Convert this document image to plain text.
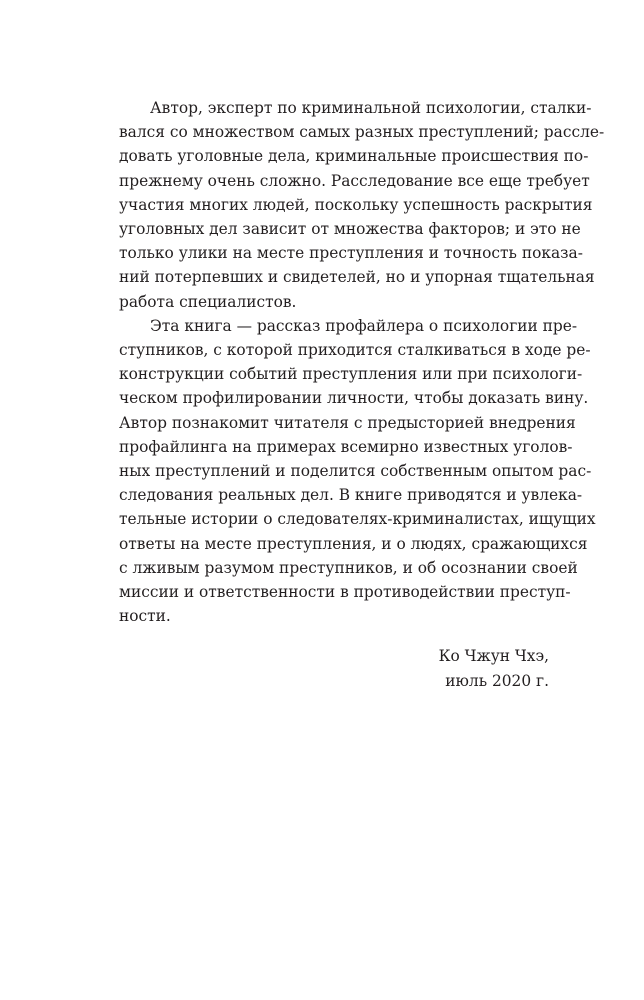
Автор, эксперт по криминальной психологии, сталки-
вался со множеством самых разных преступлений; рассле-
довать уголовные дела, криминальные происшествия по-
прежнему очень сложно. Расследование все еще требует
участия многих людей, поскольку успешность раскрытия
уголовных дел зависит от множества факторов; и это не
только улики на месте преступления и точность показа-
ний потерпевших и свидетелей, но и упорная тщательная
работа специалистов.
Эта книга — рассказ профайлера о психологии пре-
ступников, с которой приходится сталкиваться в ходе ре-
конструкции событий преступления или при психологи-
ческом профилировании личности, чтобы доказать вину.
Автор познакомит читателя с предысторией внедрения
профайлинга на примерах всемирно известных уголов-
ных преступлений и поделится собственным опытом рас-
следования реальных дел. В книге приводятся и увлека-
тельные истории о следователях-криминалистах, ищущих
ответы на месте преступления, и о людях, сражающихся
с лживым разумом преступников, и об осознании своей
миссии и ответственности в противодействии преступ-
ности.
Ко Чжун Чхэ,
июль 2020 г.
